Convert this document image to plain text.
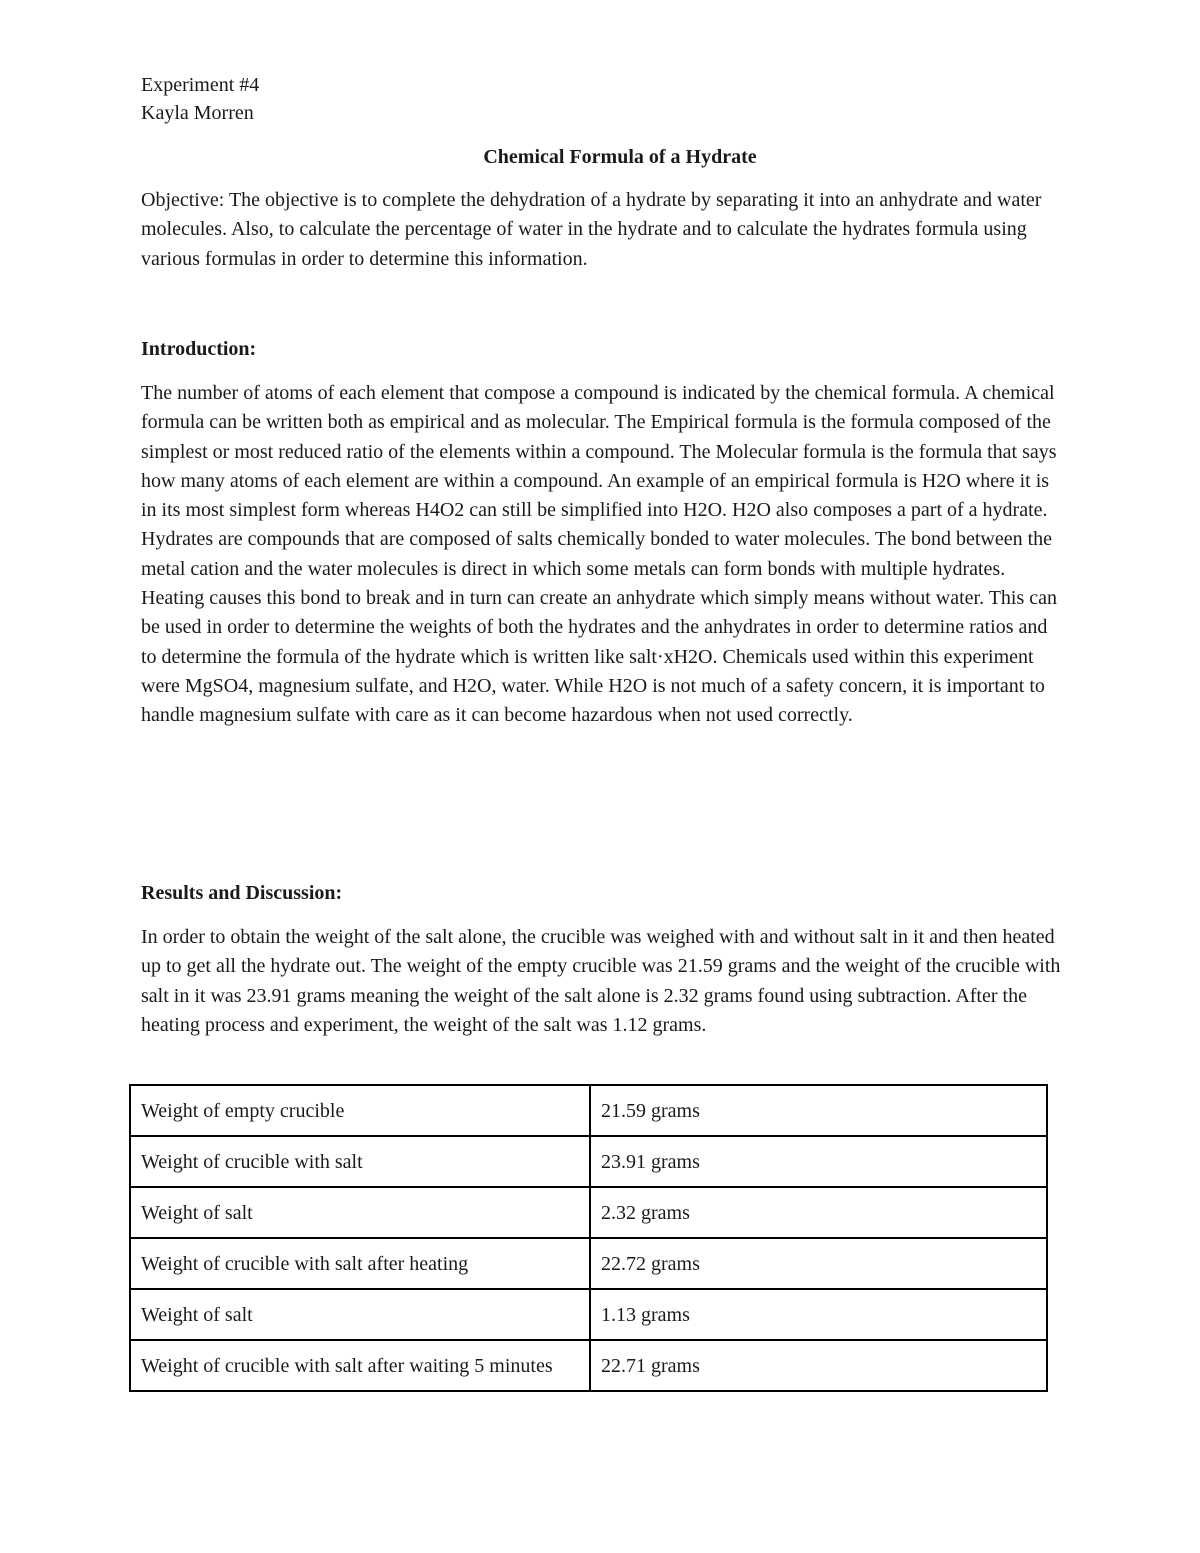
Experiment #4
Kayla Morren
Chemical Formula of a Hydrate

Objective: The objective is to complete the dehydration of a hydrate by separating it into an anhydrate and water molecules. Also, to calculate the percentage of water in the hydrate and to calculate the hydrates formula using various formulas in order to determine this information.

Introduction:

The number of atoms of each element that compose a compound is indicated by the chemical formula. A chemical formula can be written both as empirical and as molecular. The Empirical formula is the formula composed of the simplest or most reduced ratio of the elements within a compound. The Molecular formula is the formula that says how many atoms of each element are within a compound. An example of an empirical formula is H2O where it is in its most simplest form whereas H4O2 can still be simplified into H2O. H2O also composes a part of a hydrate. Hydrates are compounds that are composed of salts chemically bonded to water molecules. The bond between the metal cation and the water molecules is direct in which some metals can form bonds with multiple hydrates. Heating causes this bond to break and in turn can create an anhydrate which simply means without water. This can be used in order to determine the weights of both the hydrates and the anhydrates in order to determine ratios and to determine the formula of the hydrate which is written like salt·xH2O. Chemicals used within this experiment were MgSO4, magnesium sulfate, and H2O, water. While H2O is not much of a safety concern, it is important to handle magnesium sulfate with care as it can become hazardous when not used correctly.

Results and Discussion:

In order to obtain the weight of the salt alone, the crucible was weighed with and without salt in it and then heated up to get all the hydrate out. The weight of the empty crucible was 21.59 grams and the weight of the crucible with salt in it was 23.91 grams meaning the weight of the salt alone is 2.32 grams found using subtraction. After the heating process and experiment, the weight of the salt was 1.12 grams.

Weight of empty crucible	21.59 grams
Weight of crucible with salt	23.91 grams
Weight of salt	2.32 grams
Weight of crucible with salt after heating	22.72 grams
Weight of salt	1.13 grams
Weight of crucible with salt after waiting 5 minutes	22.71 grams
